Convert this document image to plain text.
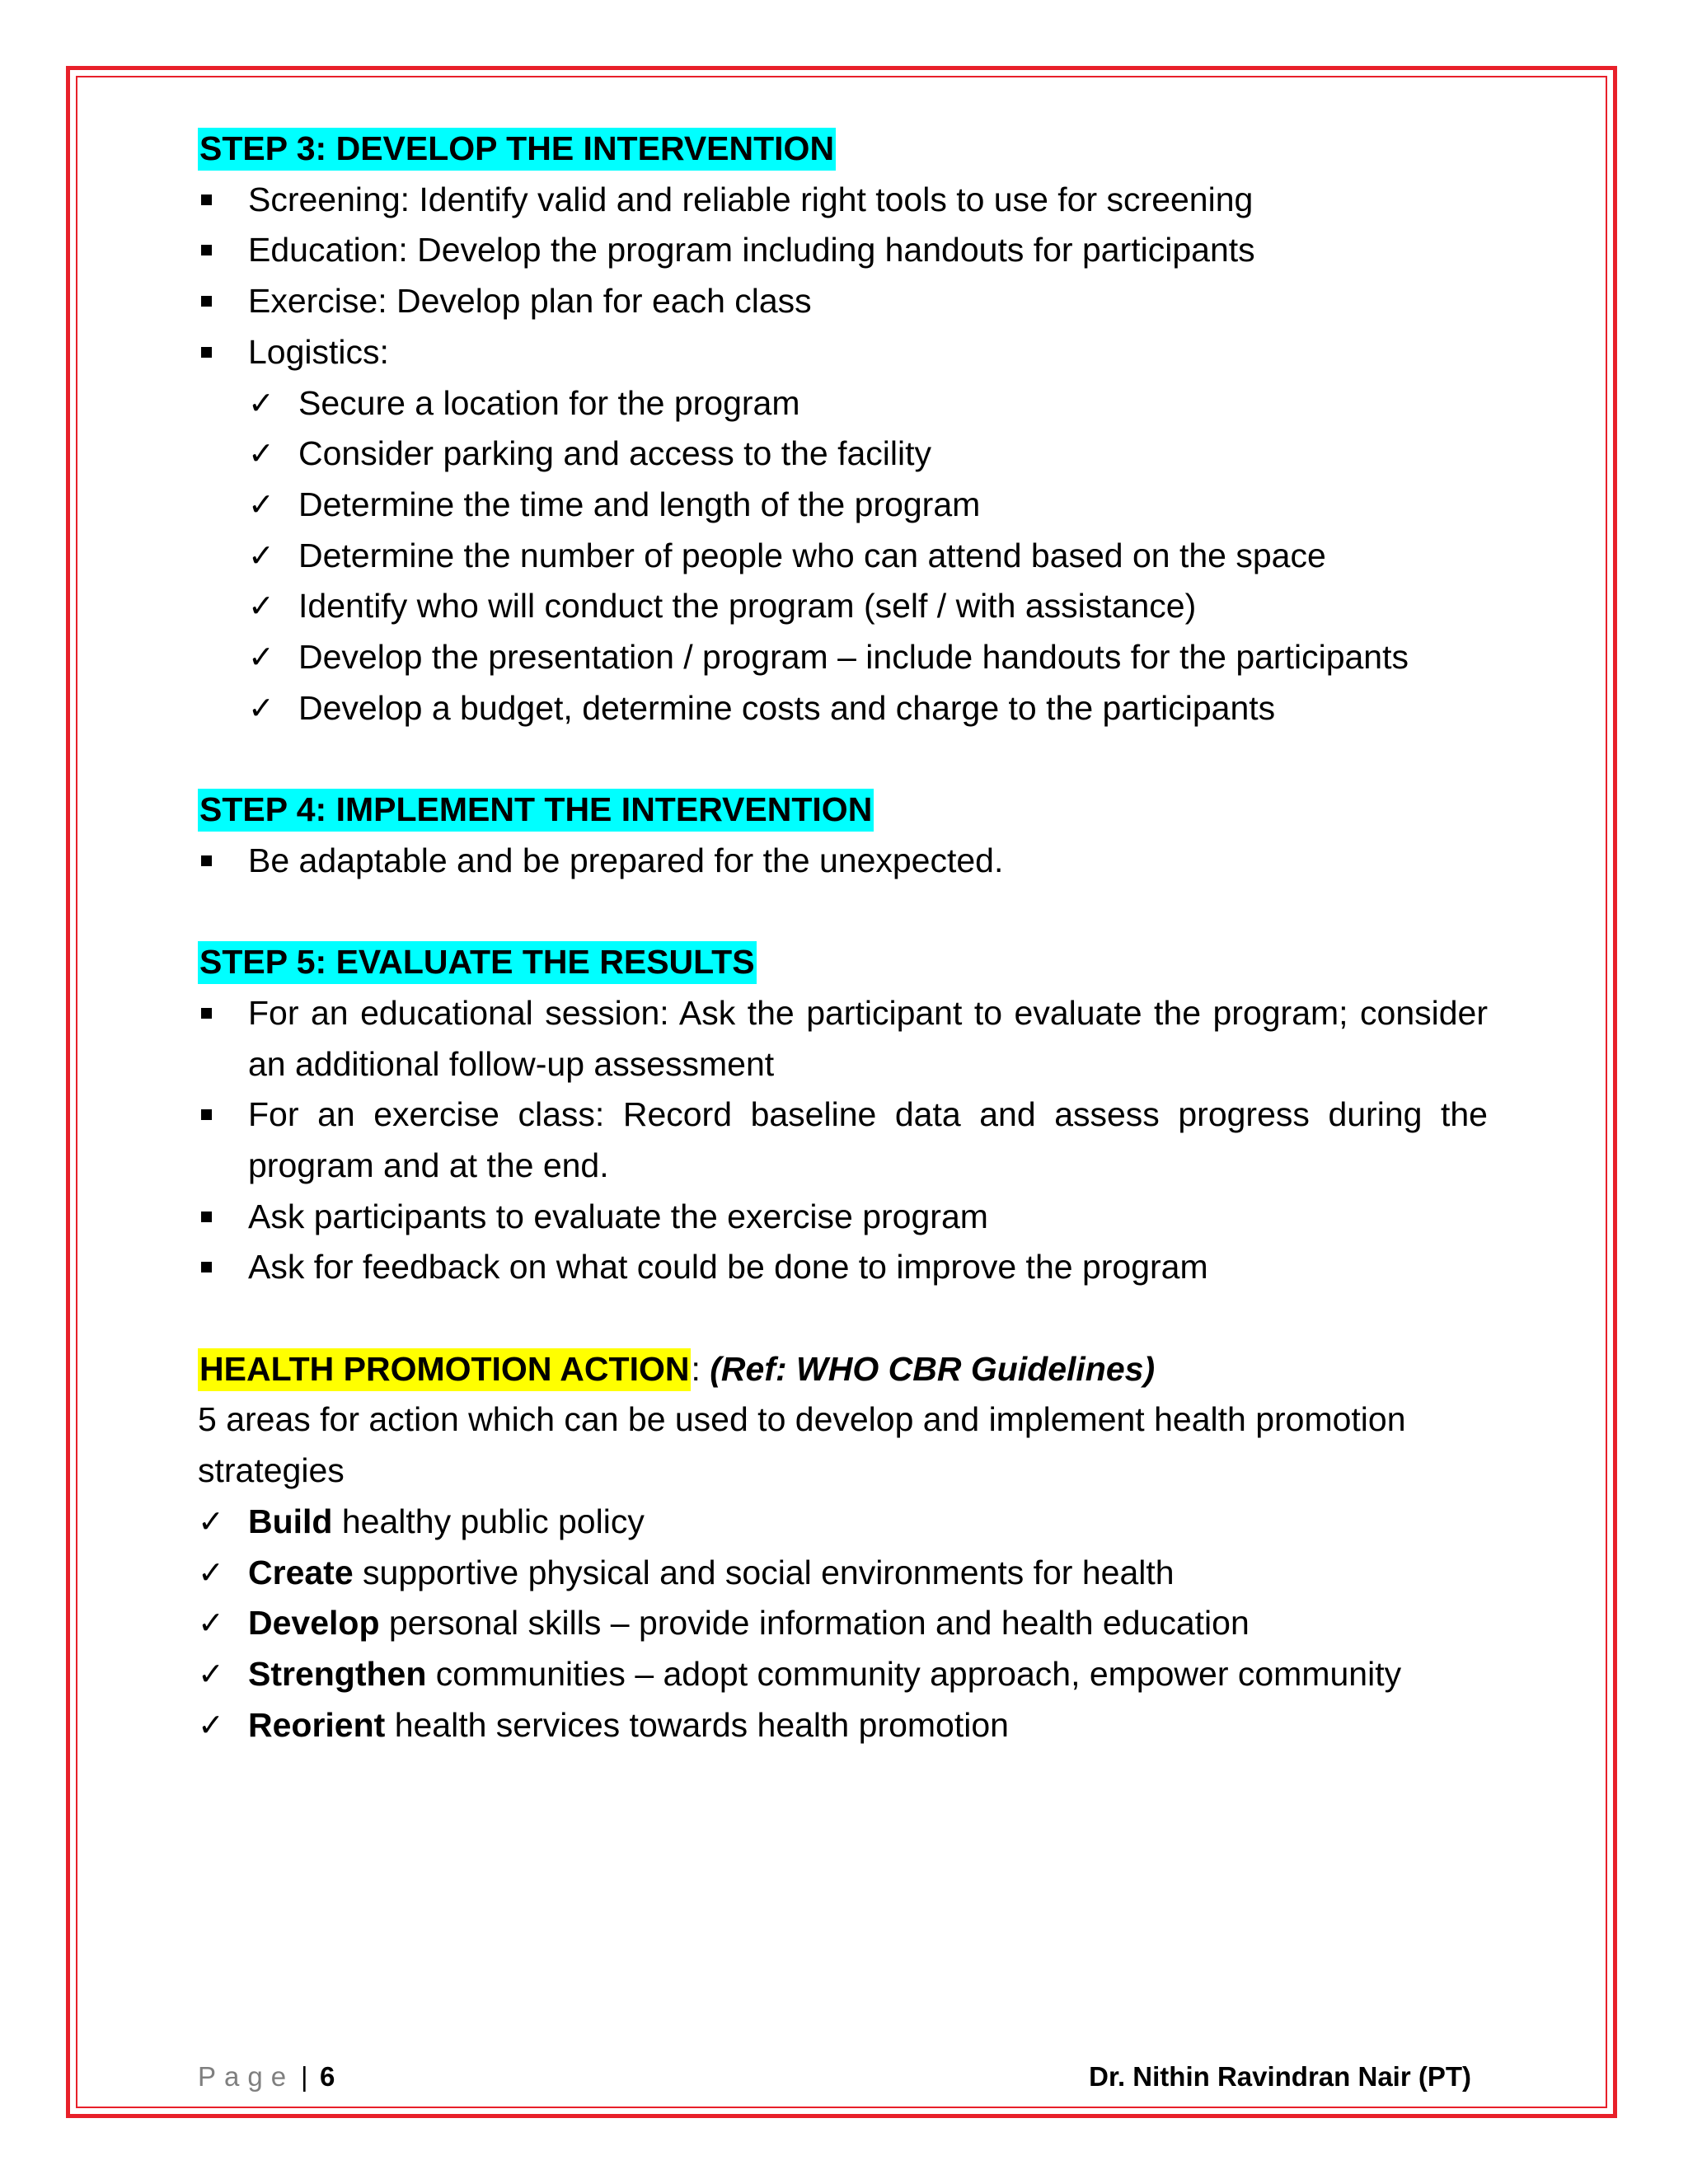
STEP 3: DEVELOP THE INTERVENTION
Screening: Identify valid and reliable right tools to use for screening
Education: Develop the program including handouts for participants
Exercise: Develop plan for each class
Logistics:
✓ Secure a location for the program
✓ Consider parking and access to the facility
✓ Determine the time and length of the program
✓ Determine the number of people who can attend based on the space
✓ Identify who will conduct the program (self / with assistance)
✓ Develop the presentation / program – include handouts for the participants
✓ Develop a budget, determine costs and charge to the participants
STEP 4: IMPLEMENT THE INTERVENTION
Be adaptable and be prepared for the unexpected.
STEP 5: EVALUATE THE RESULTS
For an educational session: Ask the participant to evaluate the program; consider an additional follow-up assessment
For an exercise class: Record baseline data and assess progress during the program and at the end.
Ask participants to evaluate the exercise program
Ask for feedback on what could be done to improve the program
HEALTH PROMOTION ACTION: (Ref: WHO CBR Guidelines)

5 areas for action which can be used to develop and implement health promotion strategies

✓ Build healthy public policy
✓ Create supportive physical and social environments for health
✓ Develop personal skills – provide information and health education
✓ Strengthen communities – adopt community approach, empower community
✓ Reorient health services towards health promotion
Page | 6	Dr. Nithin Ravindran Nair (PT)
